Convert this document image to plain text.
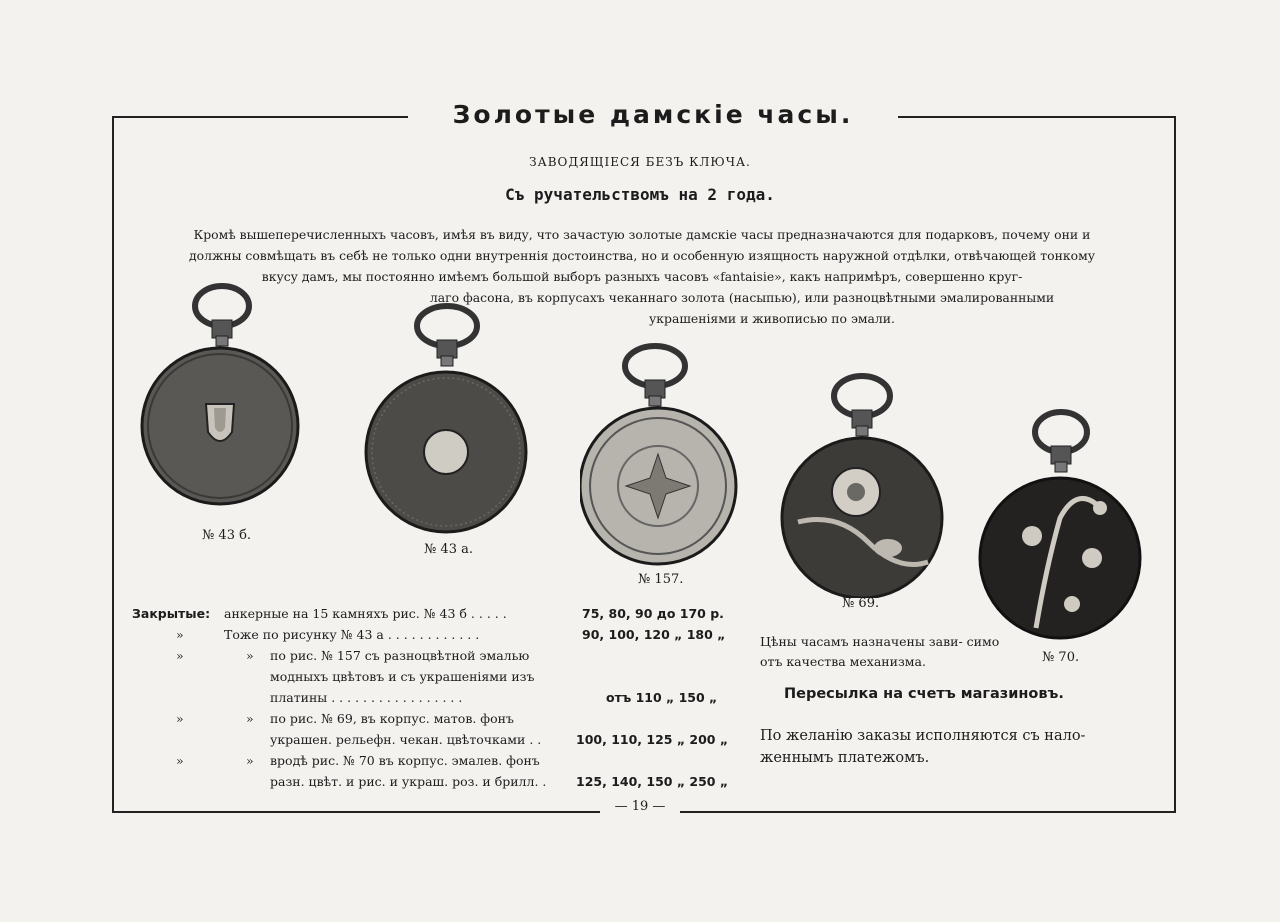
Золотые дамскiе часы.
ЗАВОДЯЩIЕСЯ БЕЗЪ КЛЮЧА.
Съ ручательствомъ на 2 года.

Кромѣ вышеперечисленныхъ часовъ, имѣя въ виду, что зачастую золотые дамскiе часы предназначаются для подарковъ, почему они и

должны совмѣщать въ себѣ не только одни внутреннiя достоинства, но и особенную изящность наружной отдѣлки, отвѣчающей тонкому

вкусу дамъ, мы постоянно имѣемъ большой выборъ разныхъ часовъ «fantaisie», какъ напримѣръ, совершенно круг-

лаго фасона, въ корпусахъ чеканнаго золота (насыпью), или разноцвѣтными эмалированными

украшенiями и живописью по эмали.

№ 43 б.
№ 43 а.
№ 157.
№ 69.
№ 70.
Закрытые: анкерные на 15 камняхъ рис. № 43 б . . . . .	75, 80, 90 до 170 р.
»	Тоже по рисунку № 43 а . . . . . . . . . . . .	90, 100, 120 „ 180 „
»	» по рис. № 157 съ разноцвѣтной эмалью
модныхъ цвѣтовъ и съ украшенiями изъ
платины . . . . . . . . . . . . . . . . .	отъ 110 „ 150 „
»	» по рис. № 69, въ корпус. матов. фонъ
украшен. рельефн. чекан. цвѣточками . .	100, 110, 125 „ 200 „
»	» вродѣ рис. № 70 въ корпус. эмалев. фонъ
разн. цвѣт. и рис. и украш. роз. и брилл. . 125, 140, 150 „ 250 „
Цѣны часамъ назначены зави- симо отъ качества механизма.
Пересылка на счетъ магазиновъ.
По желанiю заказы исполняются съ нало- женнымъ платежомъ.
— 19 —
